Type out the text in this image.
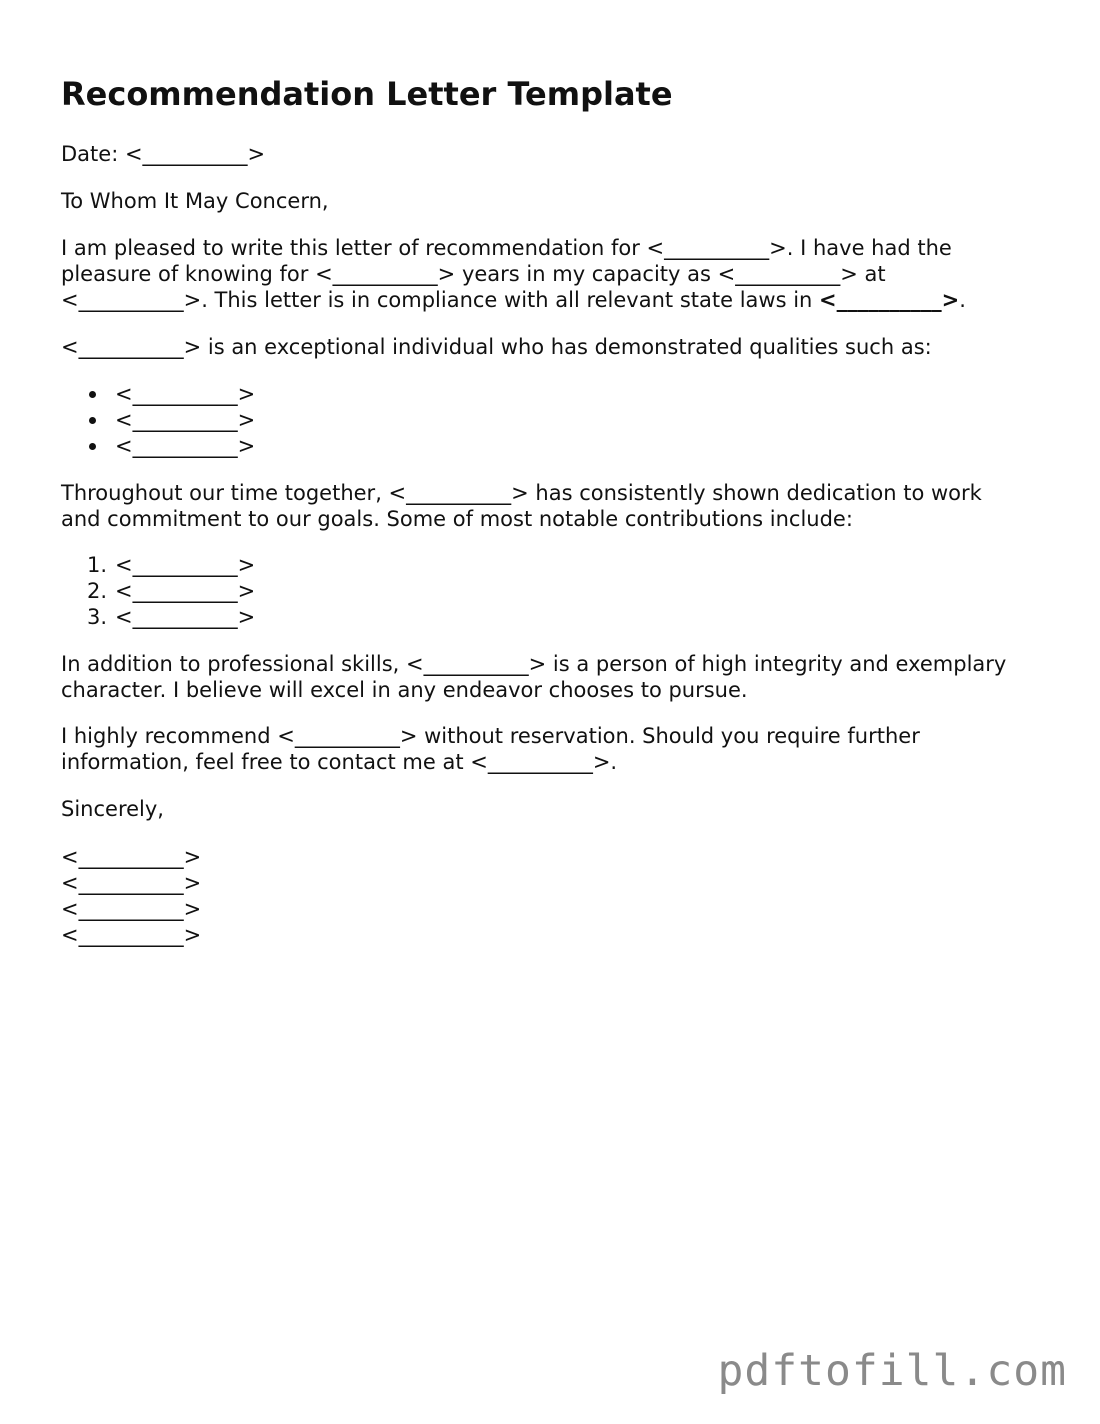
Recommendation Letter Template

Date: <__________>

To Whom It May Concern,

I am pleased to write this letter of recommendation for <__________>. I have had the
pleasure of knowing for <__________> years in my capacity as <__________> at
<__________>. This letter is in compliance with all relevant state laws in <__________>.

<__________> is an exceptional individual who has demonstrated qualities such as:

<__________>
<__________>
<__________>

Throughout our time together, <__________> has consistently shown dedication to work
and commitment to our goals. Some of most notable contributions include:

1. <__________>
2. <__________>
3. <__________>

In addition to professional skills, <__________> is a person of high integrity and exemplary
character. I believe will excel in any endeavor chooses to pursue.

I highly recommend <__________> without reservation. Should you require further
information, feel free to contact me at <__________>.

Sincerely,

<__________>
<__________>
<__________>
<__________>

pdftofill.com
